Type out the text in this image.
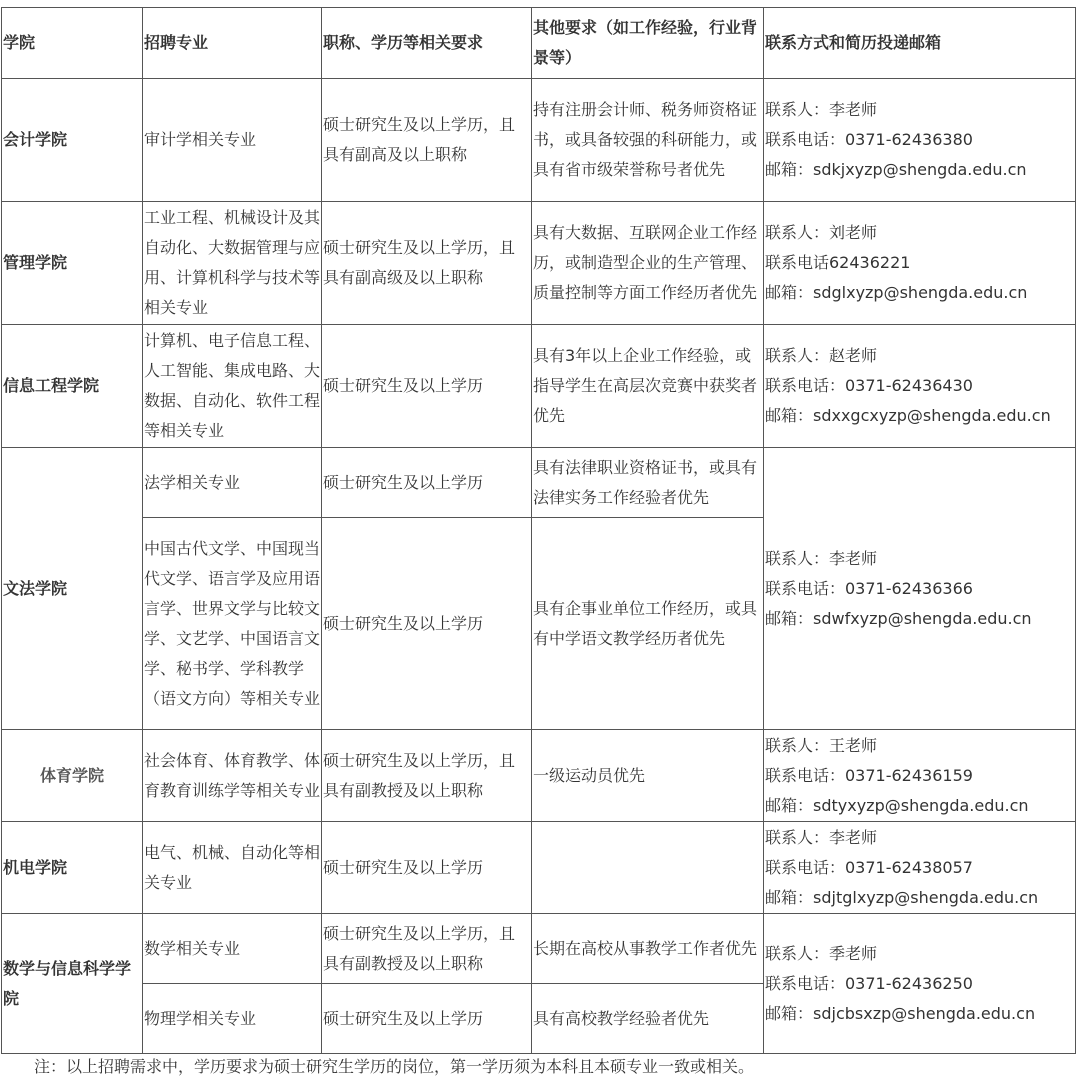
学院	招聘专业	职称、学历等相关要求	其他要求（如工作经验，行业背景等）	联系方式和简历投递邮箱
会计学院	审计学相关专业	硕士研究生及以上学历，且具有副高及以上职称	持有注册会计师、税务师资格证书，或具备较强的科研能力，或具有省市级荣誉称号者优先	联系人：李老师
联系电话：0371-62436380
邮箱：sdkjxyzp@shengda.edu.cn

管理学院	工业工程、机械设计及其自动化、大数据管理与应用、计算机科学与技术等相关专业	硕士研究生及以上学历，且具有副高级及以上职称	具有大数据、互联网企业工作经历，或制造型企业的生产管理、质量控制等方面工作经历者优先	联系人：刘老师
联系电话62436221
邮箱：sdglxyzp@shengda.edu.cn

信息工程学院	计算机、电子信息工程、人工智能、集成电路、大数据、自动化、软件工程等相关专业	硕士研究生及以上学历	具有3年以上企业工作经验，或指导学生在高层次竞赛中获奖者优先	联系人：赵老师
联系电话：0371-62436430
邮箱：sdxxgcxyzp@shengda.edu.cn

文法学院	法学相关专业	硕士研究生及以上学历	具有法律职业资格证书，或具有法律实务工作经验者优先	联系人：李老师
联系电话：0371-62436366
邮箱：sdwfxyzp@shengda.edu.cn

	中国古代文学、中国现当代文学、语言学及应用语言学、世界文学与比较文学、文艺学、中国语言文学、秘书学、学科教学（语文方向）等相关专业	硕士研究生及以上学历	具有企事业单位工作经历，或具有中学语文教学经历者优先	
体育学院	社会体育、体育教学、体育教育训练学等相关专业	硕士研究生及以上学历，且具有副教授及以上职称	一级运动员优先	联系人：王老师
联系电话：0371-62436159
邮箱：sdtyxyzp@shengda.edu.cn

机电学院	电气、机械、自动化等相关专业	硕士研究生及以上学历		联系人：李老师
联系电话：0371-62438057
邮箱：sdjtglxyzp@shengda.edu.cn

数学与信息科学学院	数学相关专业	硕士研究生及以上学历，且具有副教授及以上职称	长期在高校从事教学工作者优先	联系人：季老师
联系电话：0371-62436250
邮箱：sdjcbsxzp@shengda.edu.cn

	物理学相关专业	硕士研究生及以上学历	具有高校教学经验者优先	
注：以上招聘需求中，学历要求为硕士研究生学历的岗位，第一学历须为本科且本硕专业一致或相关。
